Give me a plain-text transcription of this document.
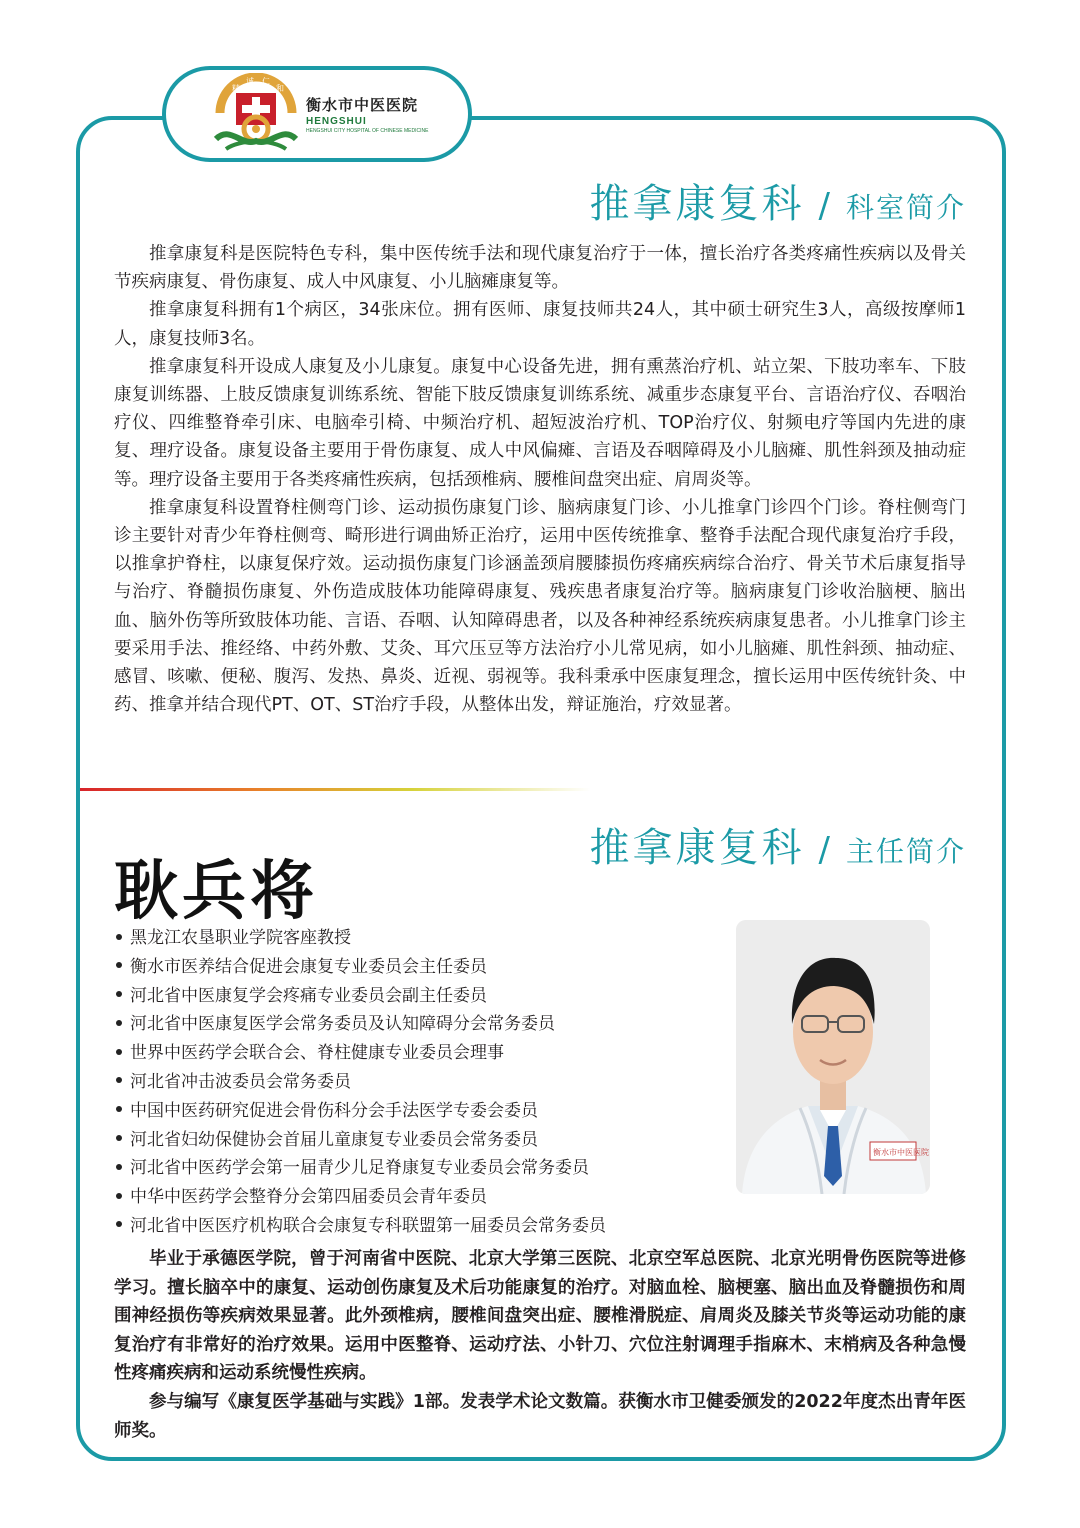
精
诚 仁
和
衡水市中医医院
HENGSHUI
HENGSHUI CITY HOSPITAL OF CHINESE MEDICINE
推拿康复科 / 科室简介

推拿康复科是医院特色专科，集中医传统手法和现代康复治疗于一体，擅长治疗各类疼痛性疾病以及骨关节疾病康复、骨伤康复、成人中风康复、小儿脑瘫康复等。

推拿康复科拥有1个病区，34张床位。拥有医师、康复技师共24人，其中硕士研究生3人，高级按摩师1人，康复技师3名。

推拿康复科开设成人康复及小儿康复。康复中心设备先进，拥有熏蒸治疗机、站立架、下肢功率车、下肢康复训练器、上肢反馈康复训练系统、智能下肢反馈康复训练系统、减重步态康复平台、言语治疗仪、吞咽治疗仪、四维整脊牵引床、电脑牵引椅、中频治疗机、超短波治疗机、TOP治疗仪、射频电疗等国内先进的康复、理疗设备。康复设备主要用于骨伤康复、成人中风偏瘫、言语及吞咽障碍及小儿脑瘫、肌性斜颈及抽动症等。理疗设备主要用于各类疼痛性疾病，包括颈椎病、腰椎间盘突出症、肩周炎等。

推拿康复科设置脊柱侧弯门诊、运动损伤康复门诊、脑病康复门诊、小儿推拿门诊四个门诊。脊柱侧弯门诊主要针对青少年脊柱侧弯、畸形进行调曲矫正治疗，运用中医传统推拿、整脊手法配合现代康复治疗手段，以推拿护脊柱，以康复保疗效。运动损伤康复门诊涵盖颈肩腰膝损伤疼痛疾病综合治疗、骨关节术后康复指导与治疗、脊髓损伤康复、外伤造成肢体功能障碍康复、残疾患者康复治疗等。脑病康复门诊收治脑梗、脑出血、脑外伤等所致肢体功能、言语、吞咽、认知障碍患者，以及各种神经系统疾病康复患者。小儿推拿门诊主要采用手法、推经络、中药外敷、艾灸、耳穴压豆等方法治疗小儿常见病，如小儿脑瘫、肌性斜颈、抽动症、感冒、咳嗽、便秘、腹泻、发热、鼻炎、近视、弱视等。我科秉承中医康复理念，擅长运用中医传统针灸、中药、推拿并结合现代PT、OT、ST治疗手段，从整体出发，辩证施治，疗效显著。

推拿康复科 / 主任简介
耿兵将
黑龙江农垦职业学院客座教授
衡水市医养结合促进会康复专业委员会主任委员
河北省中医康复学会疼痛专业委员会副主任委员
河北省中医康复医学会常务委员及认知障碍分会常务委员
世界中医药学会联合会、脊柱健康专业委员会理事
河北省冲击波委员会常务委员
中国中医药研究促进会骨伤科分会手法医学专委会委员
河北省妇幼保健协会首届儿童康复专业委员会常务委员
河北省中医药学会第一届青少儿足脊康复专业委员会常务委员
中华中医药学会整脊分会第四届委员会青年委员
河北省中医医疗机构联合会康复专科联盟第一届委员会常务委员
衡水市中医医院

毕业于承德医学院，曾于河南省中医院、北京大学第三医院、北京空军总医院、北京光明骨伤医院等进修学习。擅长脑卒中的康复、运动创伤康复及术后功能康复的治疗。对脑血栓、脑梗塞、脑出血及脊髓损伤和周围神经损伤等疾病效果显著。此外颈椎病，腰椎间盘突出症、腰椎滑脱症、肩周炎及膝关节炎等运动功能的康复治疗有非常好的治疗效果。运用中医整脊、运动疗法、小针刀、穴位注射调理手指麻木、末梢病及各种急慢性疼痛疾病和运动系统慢性疾病。

参与编写《康复医学基础与实践》1部。发表学术论文数篇。获衡水市卫健委颁发的2022年度杰出青年医师奖。
